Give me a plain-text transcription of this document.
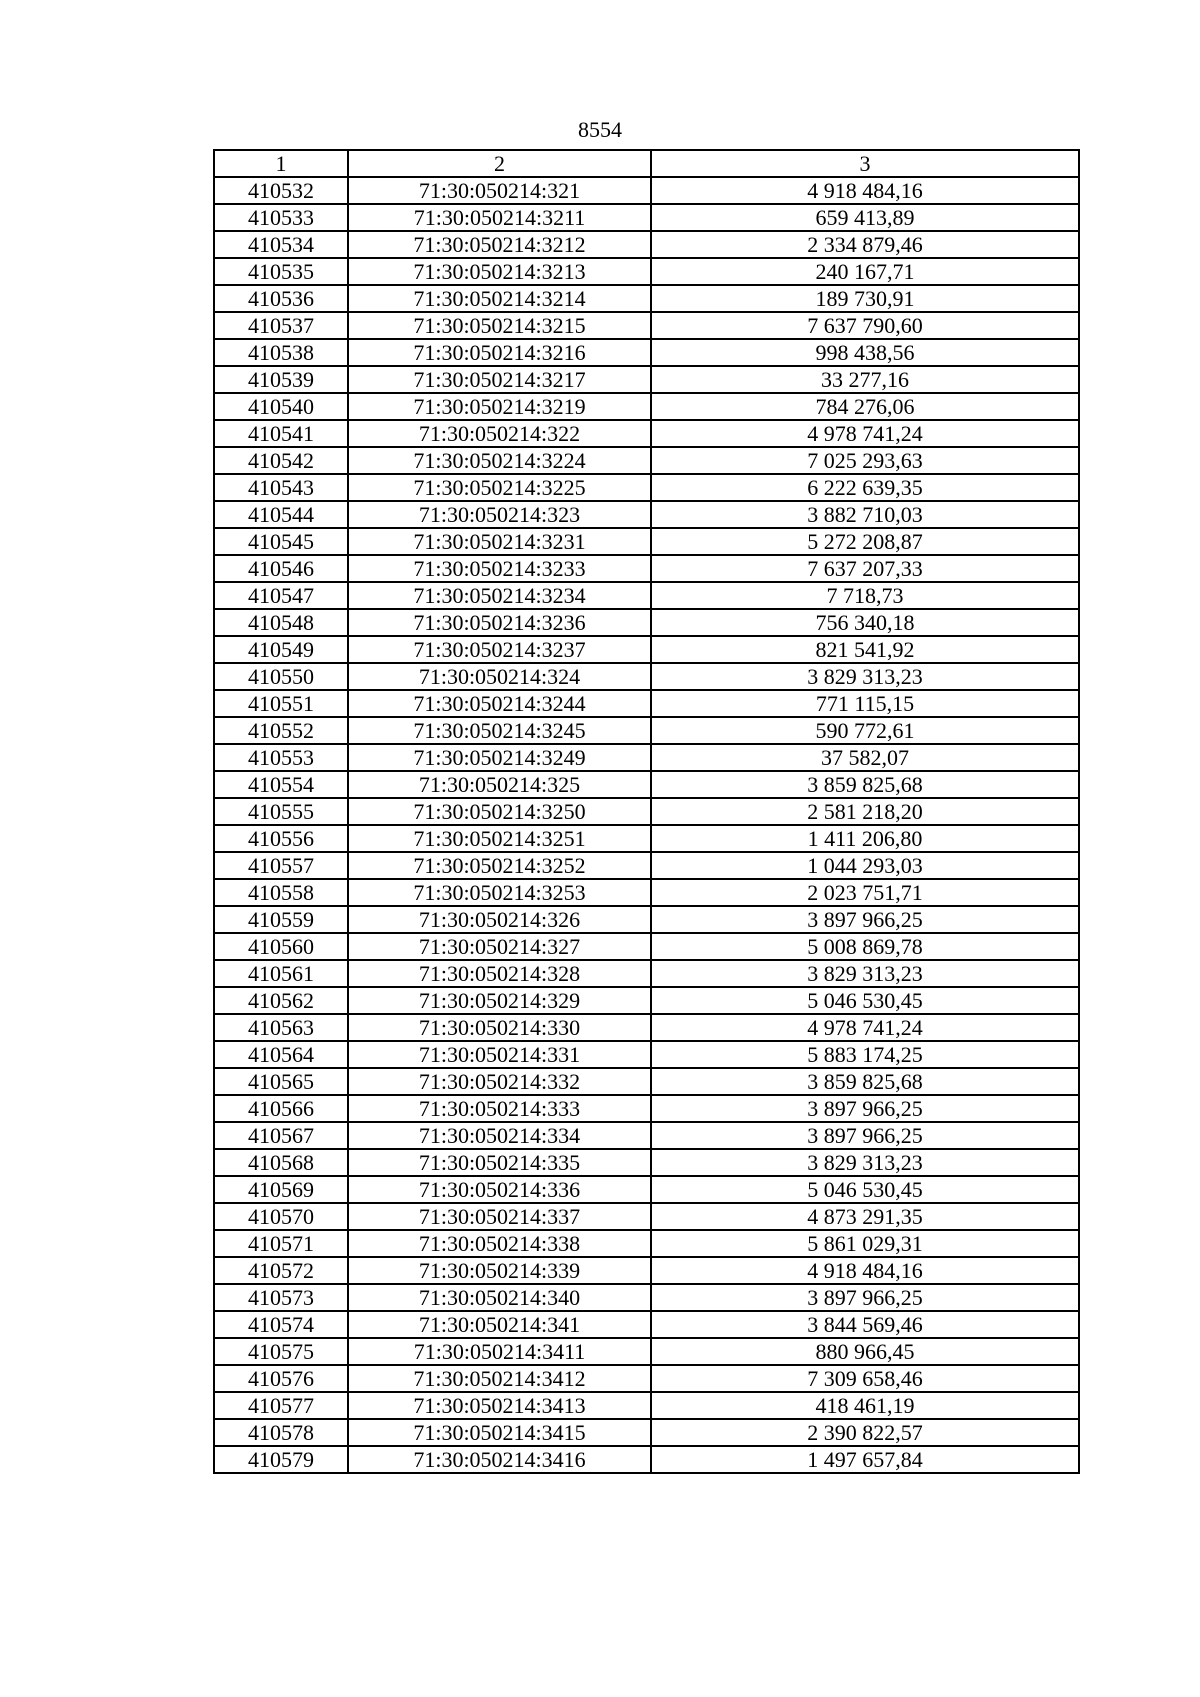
8554
1	2	3
410532	71:30:050214:321	4 918 484,16
410533	71:30:050214:3211	659 413,89
410534	71:30:050214:3212	2 334 879,46
410535	71:30:050214:3213	240 167,71
410536	71:30:050214:3214	189 730,91
410537	71:30:050214:3215	7 637 790,60
410538	71:30:050214:3216	998 438,56
410539	71:30:050214:3217	33 277,16
410540	71:30:050214:3219	784 276,06
410541	71:30:050214:322	4 978 741,24
410542	71:30:050214:3224	7 025 293,63
410543	71:30:050214:3225	6 222 639,35
410544	71:30:050214:323	3 882 710,03
410545	71:30:050214:3231	5 272 208,87
410546	71:30:050214:3233	7 637 207,33
410547	71:30:050214:3234	7 718,73
410548	71:30:050214:3236	756 340,18
410549	71:30:050214:3237	821 541,92
410550	71:30:050214:324	3 829 313,23
410551	71:30:050214:3244	771 115,15
410552	71:30:050214:3245	590 772,61
410553	71:30:050214:3249	37 582,07
410554	71:30:050214:325	3 859 825,68
410555	71:30:050214:3250	2 581 218,20
410556	71:30:050214:3251	1 411 206,80
410557	71:30:050214:3252	1 044 293,03
410558	71:30:050214:3253	2 023 751,71
410559	71:30:050214:326	3 897 966,25
410560	71:30:050214:327	5 008 869,78
410561	71:30:050214:328	3 829 313,23
410562	71:30:050214:329	5 046 530,45
410563	71:30:050214:330	4 978 741,24
410564	71:30:050214:331	5 883 174,25
410565	71:30:050214:332	3 859 825,68
410566	71:30:050214:333	3 897 966,25
410567	71:30:050214:334	3 897 966,25
410568	71:30:050214:335	3 829 313,23
410569	71:30:050214:336	5 046 530,45
410570	71:30:050214:337	4 873 291,35
410571	71:30:050214:338	5 861 029,31
410572	71:30:050214:339	4 918 484,16
410573	71:30:050214:340	3 897 966,25
410574	71:30:050214:341	3 844 569,46
410575	71:30:050214:3411	880 966,45
410576	71:30:050214:3412	7 309 658,46
410577	71:30:050214:3413	418 461,19
410578	71:30:050214:3415	2 390 822,57
410579	71:30:050214:3416	1 497 657,84
